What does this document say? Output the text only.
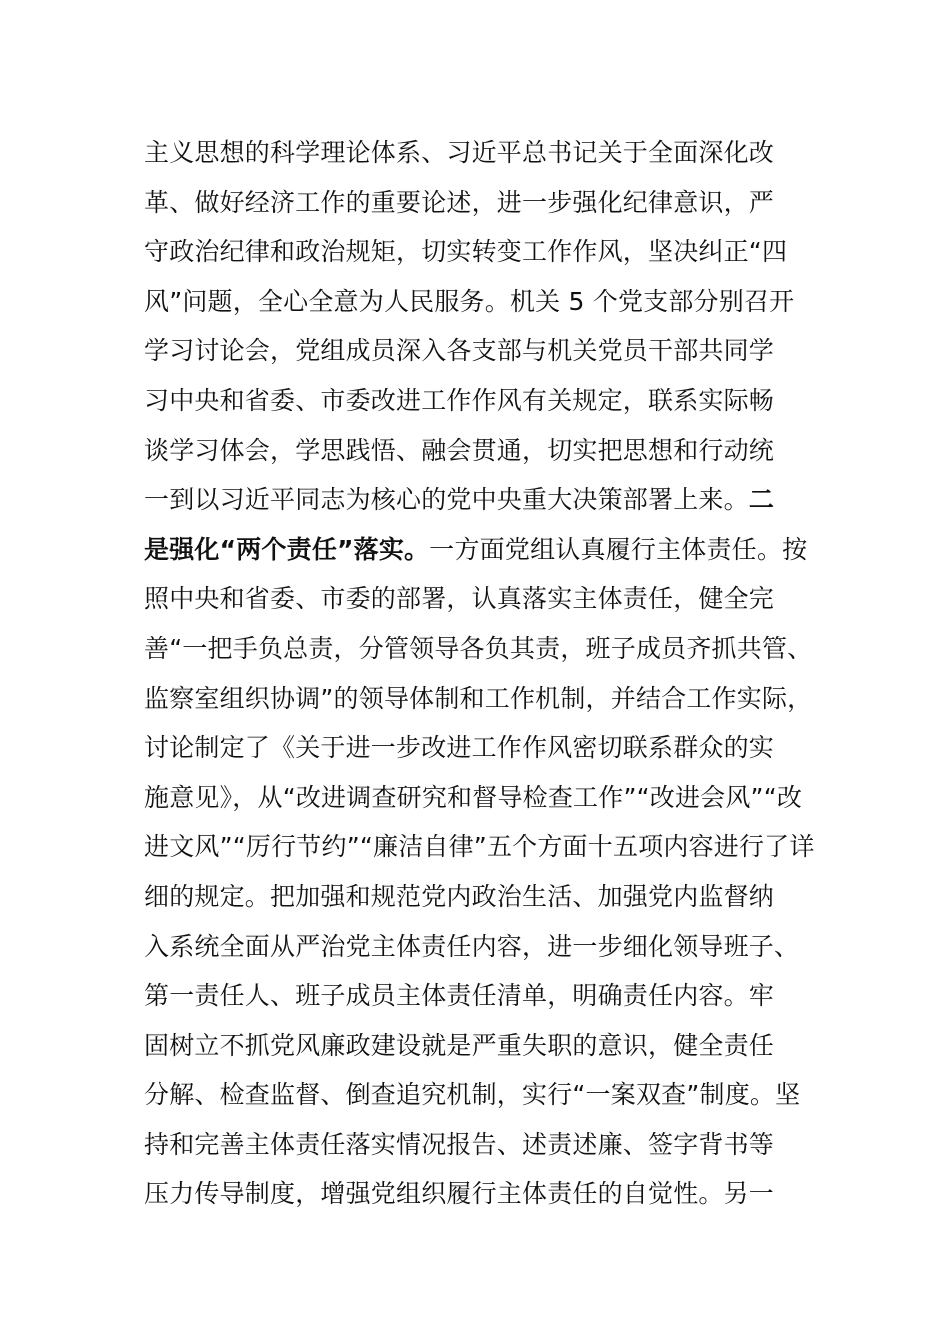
主义思想的科学理论体系、习近平总书记关于全面深化改
革、做好经济工作的重要论述，进一步强化纪律意识，严
守政治纪律和政治规矩，切实转变工作作风，坚决纠正“四
风”问题，全心全意为人民服务。机关 5 个党支部分别召开
学习讨论会，党组成员深入各支部与机关党员干部共同学
习中央和省委、市委改进工作作风有关规定，联系实际畅
谈学习体会，学思践悟、融会贯通，切实把思想和行动统
一到以习近平同志为核心的党中央重大决策部署上来。二
是强化“两个责任”落实。一方面党组认真履行主体责任。按
照中央和省委、市委的部署，认真落实主体责任，健全完
善“一把手负总责，分管领导各负其责，班子成员齐抓共管、
监察室组织协调”的领导体制和工作机制，并结合工作实际，
讨论制定了《关于进一步改进工作作风密切联系群众的实
施意见》，从“改进调查研究和督导检查工作”“改进会风”“改
进文风”“厉行节约”“廉洁自律”五个方面十五项内容进行了详
细的规定。把加强和规范党内政治生活、加强党内监督纳
入系统全面从严治党主体责任内容，进一步细化领导班子、
第一责任人、班子成员主体责任清单，明确责任内容。牢
固树立不抓党风廉政建设就是严重失职的意识，健全责任
分解、检查监督、倒查追究机制，实行“一案双查”制度。坚
持和完善主体责任落实情况报告、述责述廉、签字背书等
压力传导制度，增强党组织履行主体责任的自觉性。另一
